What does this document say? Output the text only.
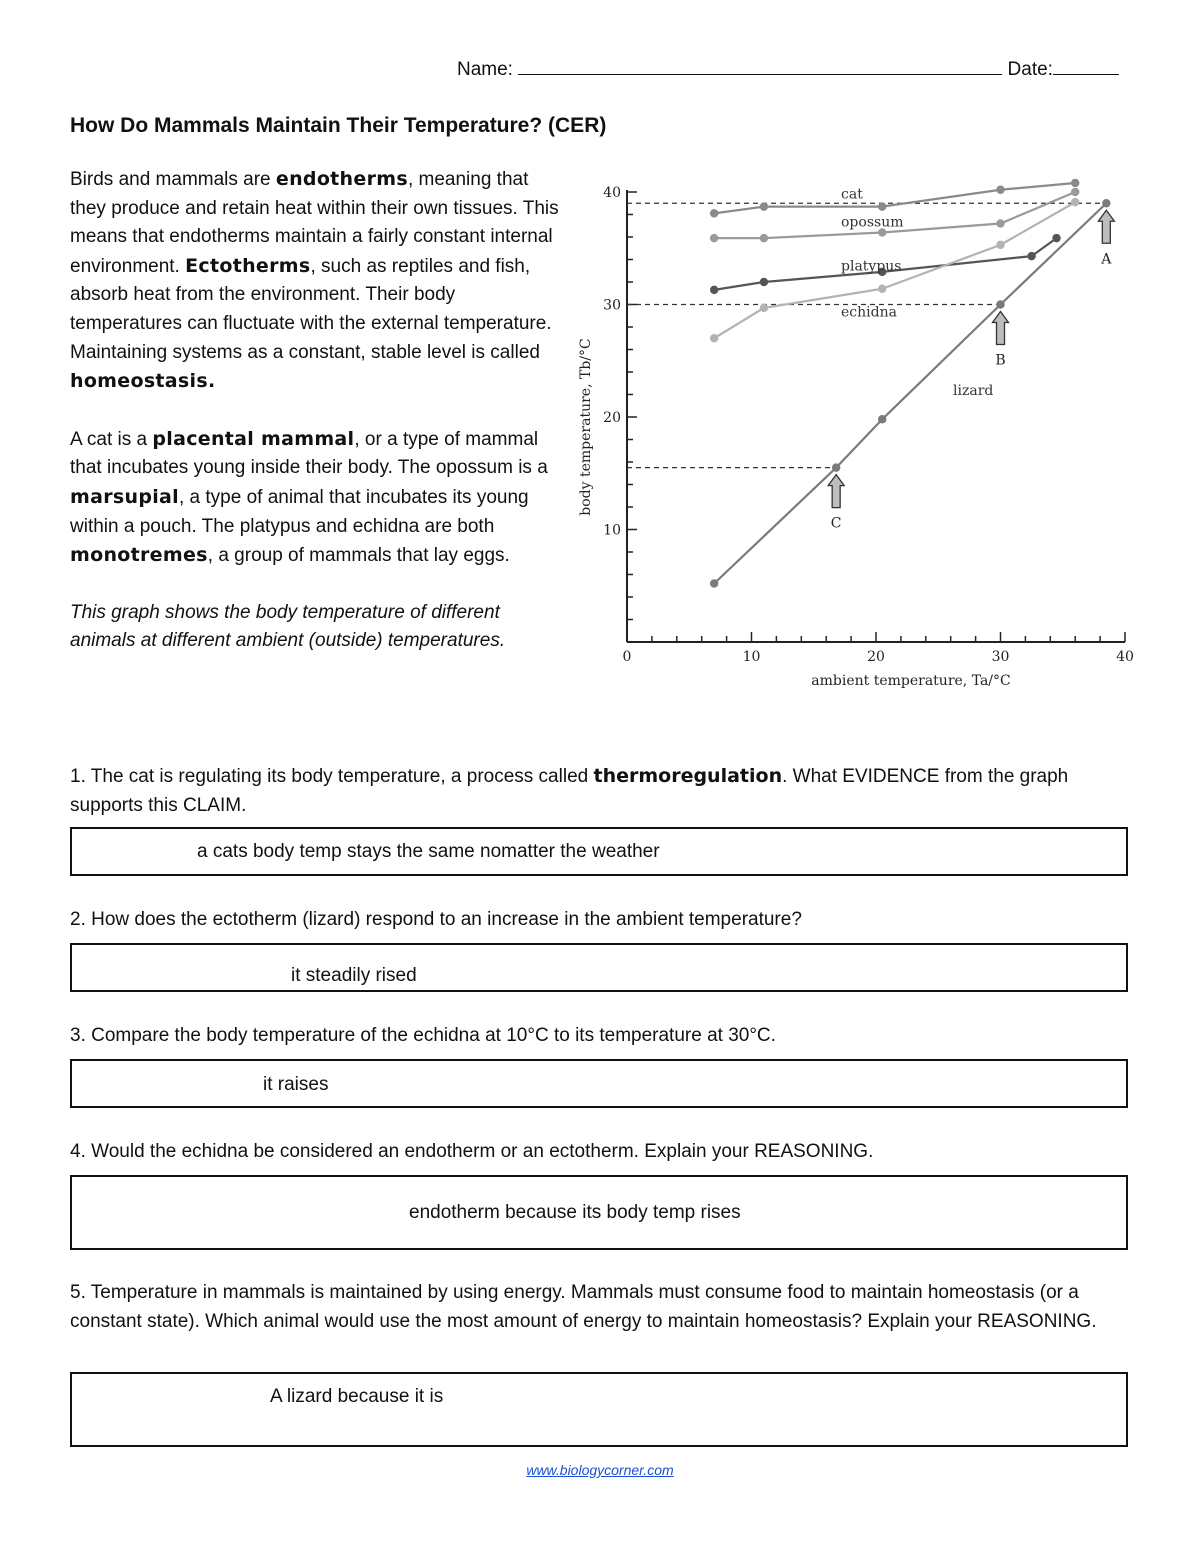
Name:	Date:
How Do Mammals Maintain Their Temperature? (CER)

Birds and mammals are endotherms, meaning that they produce and retain heat within their own tissues. This means that endotherms maintain a fairly constant internal environment. Ectotherms, such as reptiles and fish, absorb heat from the environment. Their body temperatures can fluctuate with the external temperature. Maintaining systems as a constant, stable level is called homeostasis.

A cat is a placental mammal, or a type of mammal that incubates young inside their body. The opossum is a marsupial, a type of animal that incubates its young within a pouch. The platypus and echidna are both monotremes, a group of mammals that lay eggs.

This graph shows the body temperature of different animals at different ambient (outside) temperatures.

0	10	20	30	40
10
20
30
40
ambient temperature, Ta/°C
body temperature, Tb/°C
cat
opossum
platypus
echidna
lizard
A
B
C
1. The cat is regulating its body temperature, a process called thermoregulation. What EVIDENCE from the graph supports this CLAIM.
a cats body temp stays the same nomatter the weather
2. How does the ectotherm (lizard) respond to an increase in the ambient temperature?
it steadily rised
3. Compare the body temperature of the echidna at 10°C to its temperature at 30°C.
it raises
4. Would the echidna be considered an endotherm or an ectotherm. Explain your REASONING.
endotherm because its body temp rises
5. Temperature in mammals is maintained by using energy. Mammals must consume food to maintain homeostasis (or a constant state). Which animal would use the most amount of energy to maintain homeostasis? Explain your REASONING.
A lizard because it is
www.biologycorner.com
